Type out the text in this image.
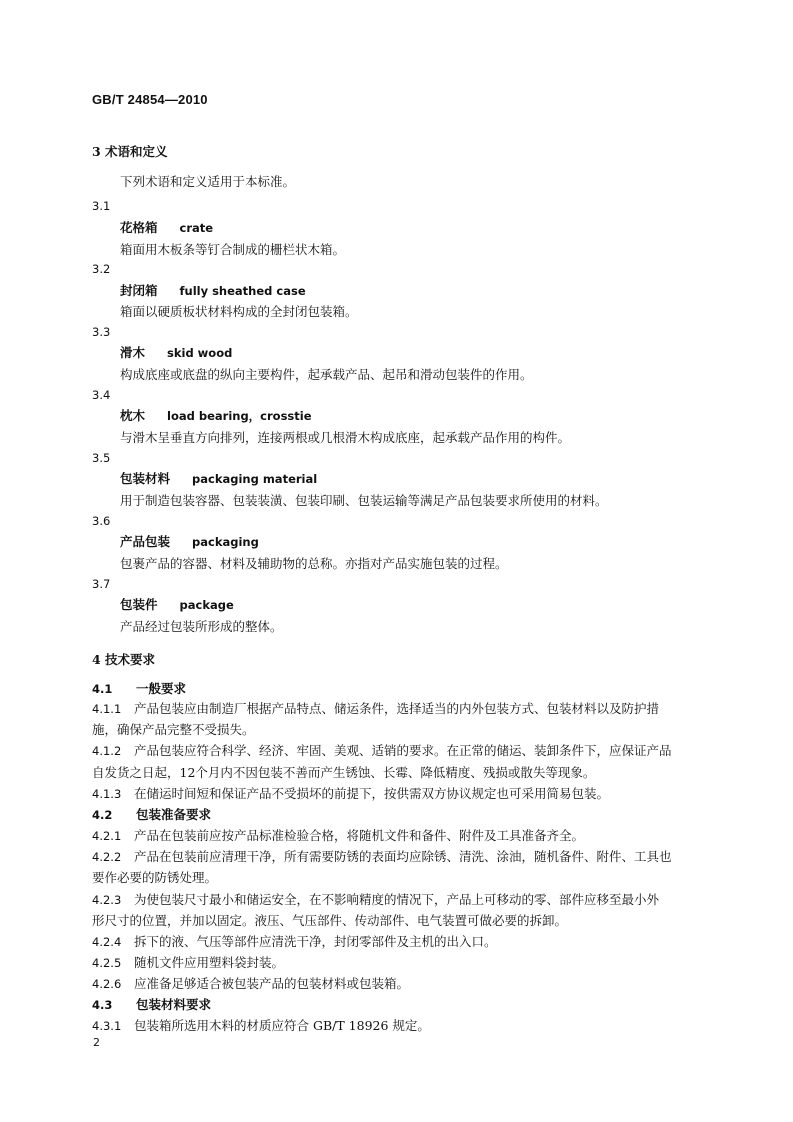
GB/T 24854—2010
3 术语和定义
下列术语和定义适用于本标准。
3.1
花格箱 crate
箱面用木板条等钉合制成的栅栏状木箱。
3.2
封闭箱 fully sheathed case
箱面以硬质板状材料构成的全封闭包装箱。
3.3
滑木 skid wood
构成底座或底盘的纵向主要构件，起承载产品、起吊和滑动包装件的作用。
3.4
枕木 load bearing，crosstie
与滑木呈垂直方向排列，连接两根或几根滑木构成底座，起承载产品作用的构件。
3.5
包装材料 packaging material
用于制造包装容器、包装装潢、包装印刷、包装运输等满足产品包装要求所使用的材料。
3.6
产品包装 packaging
包裹产品的容器、材料及辅助物的总称。亦指对产品实施包装的过程。
3.7
包装件 package
产品经过包装所形成的整体。
4 技术要求
4.1 一般要求
4.1.1 产品包装应由制造厂根据产品特点、储运条件，选择适当的内外包装方式、包装材料以及防护措
施，确保产品完整不受损失。
4.1.2 产品包装应符合科学、经济、牢固、美观、适销的要求。在正常的储运、装卸条件下，应保证产品
自发货之日起，12个月内不因包装不善而产生锈蚀、长霉、降低精度、残损或散失等现象。
4.1.3 在储运时间短和保证产品不受损坏的前提下，按供需双方协议规定也可采用简易包装。
4.2 包装准备要求
4.2.1 产品在包装前应按产品标准检验合格，将随机文件和备件、附件及工具准备齐全。
4.2.2 产品在包装前应清理干净，所有需要防锈的表面均应除锈、清洗、涂油，随机备件、附件、工具也
要作必要的防锈处理。
4.2.3 为使包装尺寸最小和储运安全，在不影响精度的情况下，产品上可移动的零、部件应移至最小外
形尺寸的位置，并加以固定。液压、气压部件、传动部件、电气装置可做必要的拆卸。
4.2.4 拆下的液、气压等部件应清洗干净，封闭零部件及主机的出入口。
4.2.5 随机文件应用塑料袋封装。
4.2.6 应准备足够适合被包装产品的包装材料或包装箱。
4.3 包装材料要求
4.3.1 包装箱所选用木料的材质应符合 GB/T 18926 规定。
2
